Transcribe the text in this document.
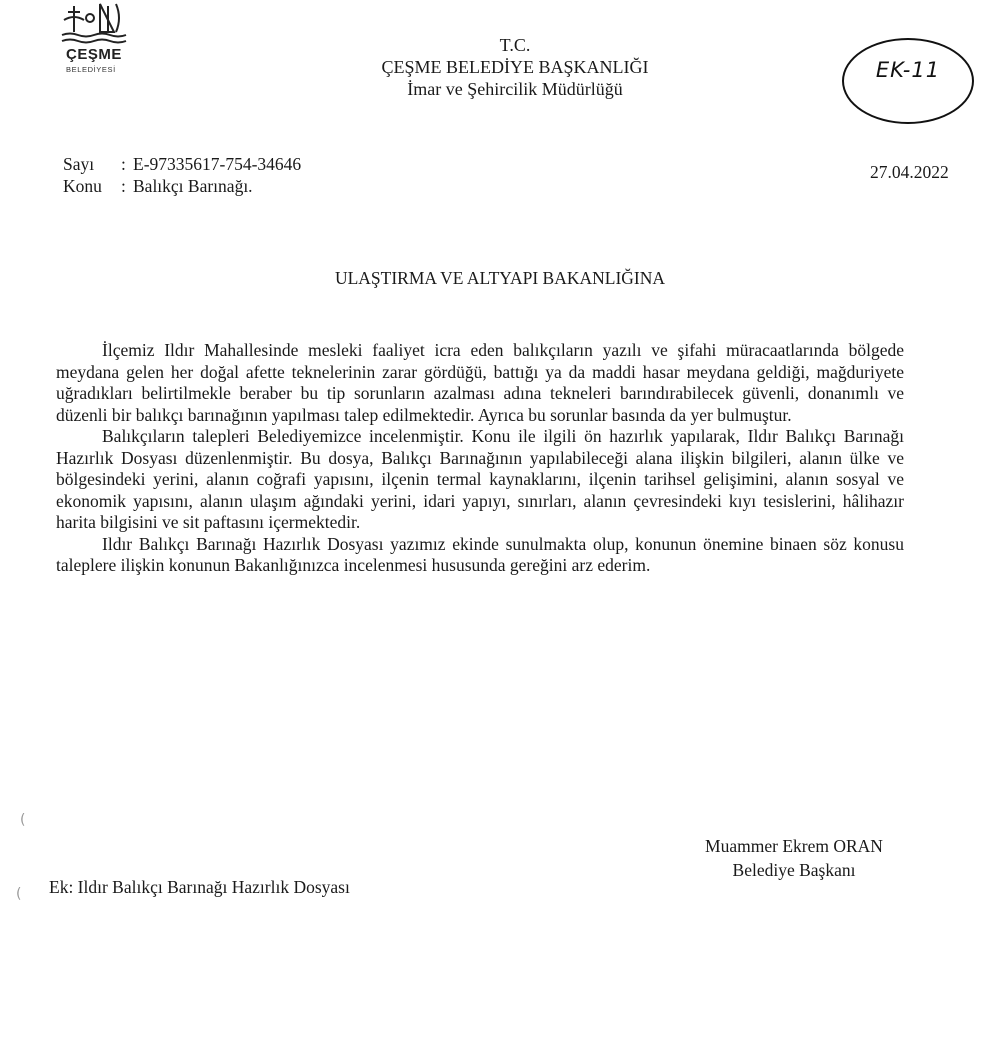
ÇEŞME
BELEDİYESİ
T.C.
ÇEŞME BELEDİYE BAŞKANLIĞI
İmar ve Şehircilik Müdürlüğü
EK-11
Sayı	: E-97335617-754-34646
Konu	: Balıkçı Barınağı.
27.04.2022
ULAŞTIRMA VE ALTYAPI BAKANLIĞINA

İlçemiz Ildır Mahallesinde mesleki faaliyet icra eden balıkçıların yazılı ve şifahi müracaatlarında bölgede meydana gelen her doğal afette teknelerinin zarar gördüğü, battığı ya da maddi hasar meydana geldiği, mağduriyete uğradıkları belirtilmekle beraber bu tip sorunların azalması adına tekneleri barındırabilecek güvenli, donanımlı ve düzenli bir balıkçı barınağının yapılması talep edilmektedir. Ayrıca bu sorunlar basında da yer bulmuştur.

Balıkçıların talepleri Belediyemizce incelenmiştir. Konu ile ilgili ön hazırlık yapılarak, Ildır Balıkçı Barınağı Hazırlık Dosyası düzenlenmiştir. Bu dosya, Balıkçı Barınağının yapılabileceği alana ilişkin bilgileri, alanın ülke ve bölgesindeki yerini, alanın coğrafi yapısını, ilçenin termal kaynaklarını, ilçenin tarihsel gelişimini, alanın sosyal ve ekonomik yapısını, alanın ulaşım ağındaki yerini, idari yapıyı, sınırları, alanın çevresindeki kıyı tesislerini, hâlihazır harita bilgisini ve sit paftasını içermektedir.

Ildır Balıkçı Barınağı Hazırlık Dosyası yazımız ekinde sunulmakta olup, konunun önemine binaen söz konusu taleplere ilişkin konunun Bakanlığınızca incelenmesi hususunda gereğini arz ederim.

Muammer Ekrem ORAN
Belediye Başkanı
Ek: Ildır Balıkçı Barınağı Hazırlık Dosyası
(
(
